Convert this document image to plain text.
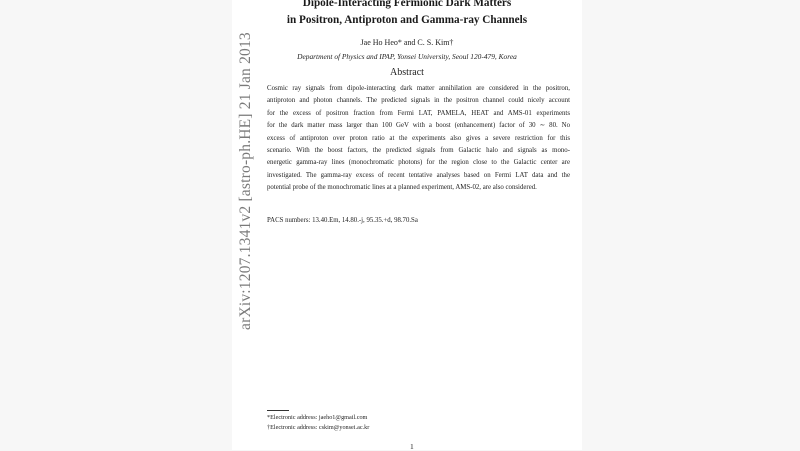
arXiv:1207.1341v2 [astro-ph.HE] 21 Jan 2013
Dipole-Interacting Fermionic Dark Matters
in Positron, Antiproton and Gamma-ray Channels
Jae Ho Heo* and C. S. Kim†
Department of Physics and IPAP, Yonsei University, Seoul 120-479, Korea
Abstract
Cosmic ray signals from dipole-interacting dark matter annihilation are considered in the positron,
antiproton and photon channels. The predicted signals in the positron channel could nicely account
for the excess of positron fraction from Fermi LAT, PAMELA, HEAT and AMS-01 experiments
for the dark matter mass larger than 100 GeV with a boost (enhancement) factor of 30 ∼ 80. No
excess of antiproton over proton ratio at the experiments also gives a severe restriction for this
scenario. With the boost factors, the predicted signals from Galactic halo and signals as mono-
energetic gamma-ray lines (monochromatic photons) for the region close to the Galactic center are
investigated. The gamma-ray excess of recent tentative analyses based on Fermi LAT data and the
potential probe of the monochromatic lines at a planned experiment, AMS-02, are also considered.
PACS numbers: 13.40.Em, 14.80.-j, 95.35.+d, 98.70.Sa
*Electronic address: jaeho1@gmail.com
†Electronic address: cskim@yonsei.ac.kr
1
